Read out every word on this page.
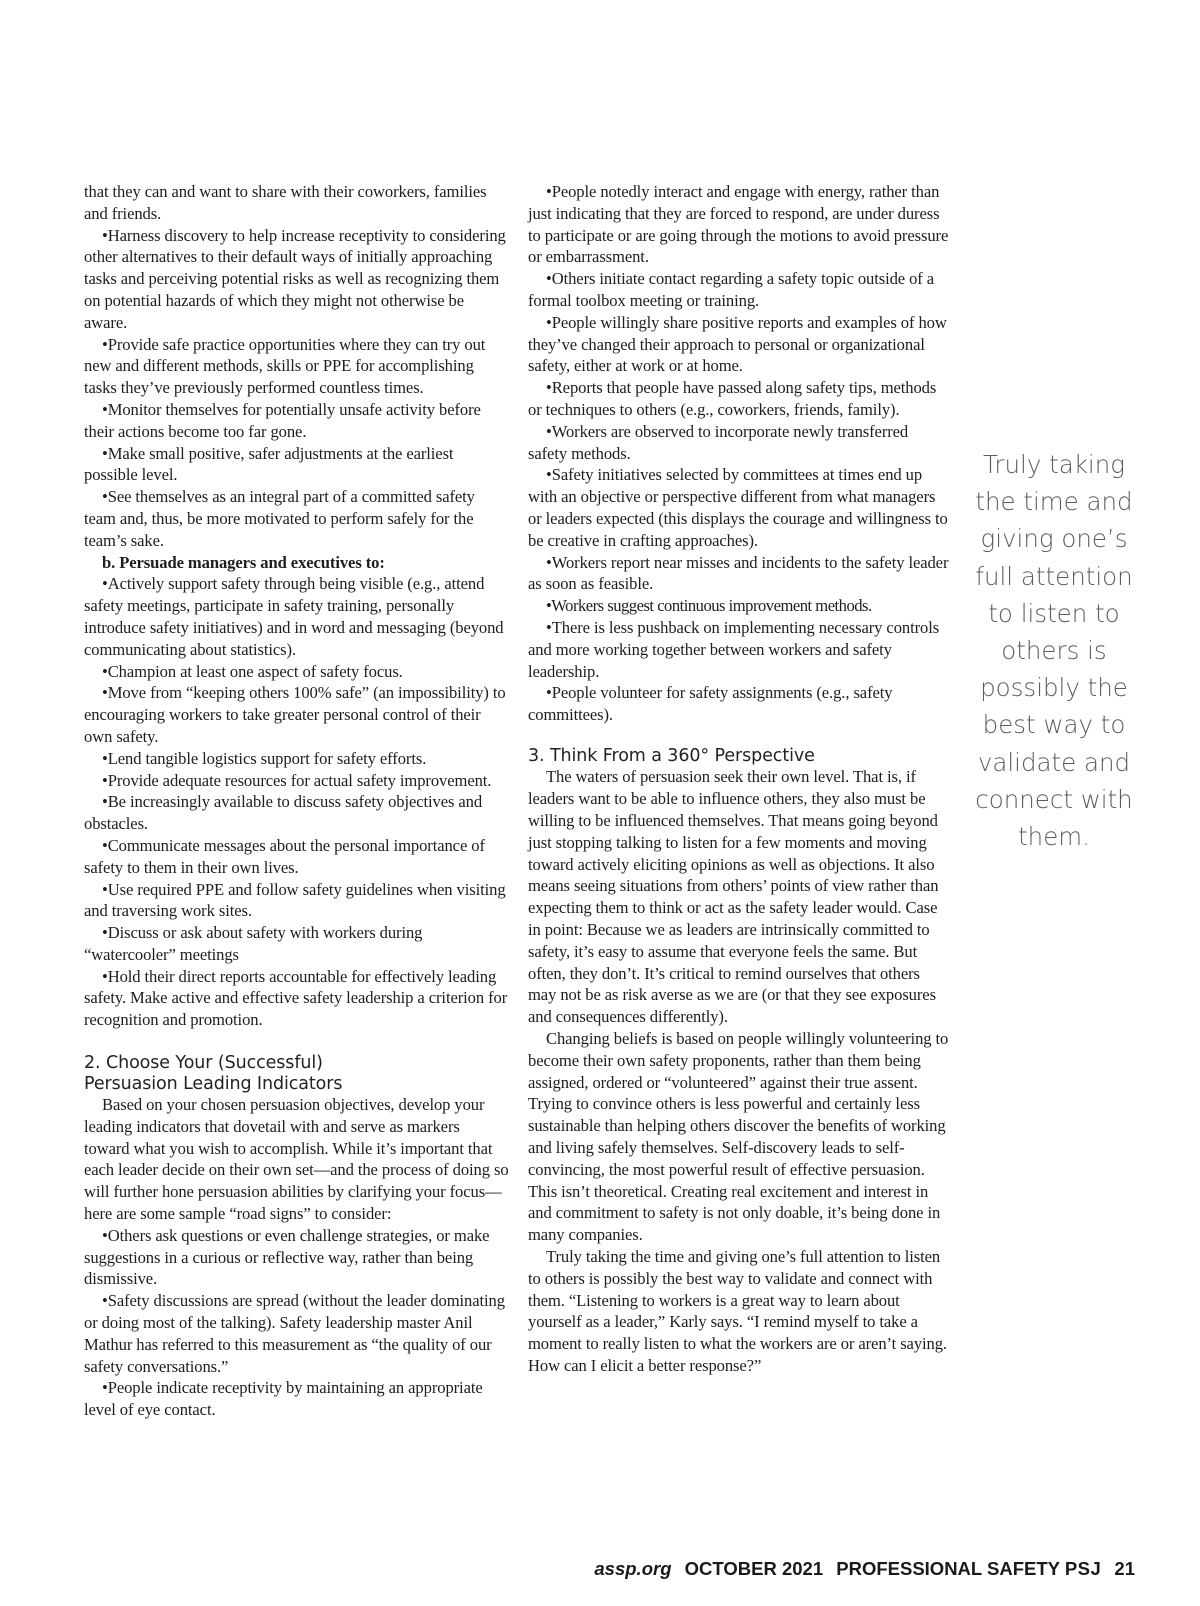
that they can and want to share with their coworkers, families and friends.

•Harness discovery to help increase receptivity to considering other alternatives to their default ways of initially approaching tasks and perceiving potential risks as well as recognizing them on potential hazards of which they might not otherwise be aware.

•Provide safe practice opportunities where they can try out new and different methods, skills or PPE for accomplishing tasks they’ve previously performed countless times.

•Monitor themselves for potentially unsafe activity before their actions become too far gone.

•Make small positive, safer adjustments at the earliest possible level.

•See themselves as an integral part of a committed safety team and, thus, be more motivated to perform safely for the team’s sake.

b. Persuade managers and executives to:

•Actively support safety through being visible (e.g., attend safety meetings, participate in safety training, personally introduce safety initiatives) and in word and messaging (beyond communicating about statistics).

•Champion at least one aspect of safety focus.

•Move from “keeping others 100% safe” (an impossibility) to encouraging workers to take greater personal control of their own safety.

•Lend tangible logistics support for safety efforts.

•Provide adequate resources for actual safety improvement.

•Be increasingly available to discuss safety objectives and obstacles.

•Communicate messages about the personal importance of safety to them in their own lives.

•Use required PPE and follow safety guidelines when visiting and traversing work sites.

•Discuss or ask about safety with workers during “watercooler” meetings

•Hold their direct reports accountable for effectively leading safety. Make active and effective safety leadership a criterion for recognition and promotion.

2. Choose Your (Successful)
Persuasion Leading Indicators

Based on your chosen persuasion objectives, develop your leading indicators that dovetail with and serve as markers toward what you wish to accomplish. While it’s important that each leader decide on their own set—and the process of doing so will further hone persuasion abilities by clarifying your focus—here are some sample “road signs” to consider:

•Others ask questions or even challenge strategies, or make suggestions in a curious or reflective way, rather than being dismissive.

•Safety discussions are spread (without the leader dominating or doing most of the talking). Safety leadership master Anil Mathur has referred to this measurement as “the quality of our safety conversations.”

•People indicate receptivity by maintaining an appropriate level of eye contact.

•People notedly interact and engage with energy, rather than just indicating that they are forced to respond, are under duress to participate or are going through the motions to avoid pressure or embarrassment.

•Others initiate contact regarding a safety topic outside of a formal toolbox meeting or training.

•People willingly share positive reports and examples of how they’ve changed their approach to personal or organizational safety, either at work or at home.

•Reports that people have passed along safety tips, methods or techniques to others (e.g., coworkers, friends, family).

•Workers are observed to incorporate newly transferred safety methods.

•Safety initiatives selected by committees at times end up with an objective or perspective different from what managers or leaders expected (this displays the courage and willingness to be creative in crafting approaches).

•Workers report near misses and incidents to the safety leader as soon as feasible.

•Workers suggest continuous improvement methods.

•There is less pushback on implementing necessary controls and more working together between workers and safety leadership.

•People volunteer for safety assignments (e.g., safety committees).

3. Think From a 360° Perspective

The waters of persuasion seek their own level. That is, if leaders want to be able to influence others, they also must be willing to be influenced themselves. That means going beyond just stopping talking to listen for a few moments and moving toward actively eliciting opinions as well as objections. It also means seeing situations from others’ points of view rather than expecting them to think or act as the safety leader would. Case in point: Because we as leaders are intrinsically committed to safety, it’s easy to assume that everyone feels the same. But often, they don’t. It’s critical to remind ourselves that others may not be as risk averse as we are (or that they see exposures and consequences differently).

Changing beliefs is based on people willingly volunteering to become their own safety proponents, rather than them being assigned, ordered or “volunteered” against their true assent. Trying to convince others is less powerful and certainly less sustainable than helping others discover the benefits of working and living safely themselves. Self-discovery leads to self-convincing, the most powerful result of effective persuasion. This isn’t theoretical. Creating real excitement and interest in and commitment to safety is not only doable, it’s being done in many companies.

Truly taking the time and giving one’s full attention to listen to others is possibly the best way to validate and connect with them. “Listening to workers is a great way to learn about yourself as a leader,” Karly says. “I remind myself to take a moment to really listen to what the workers are or aren’t saying. How can I elicit a better response?”

Truly taking the time and giving one’s full attention to listen to others is possibly the best way to validate and connect with them.
assp.org OCTOBER 2021 PROFESSIONAL SAFETY PSJ 21
